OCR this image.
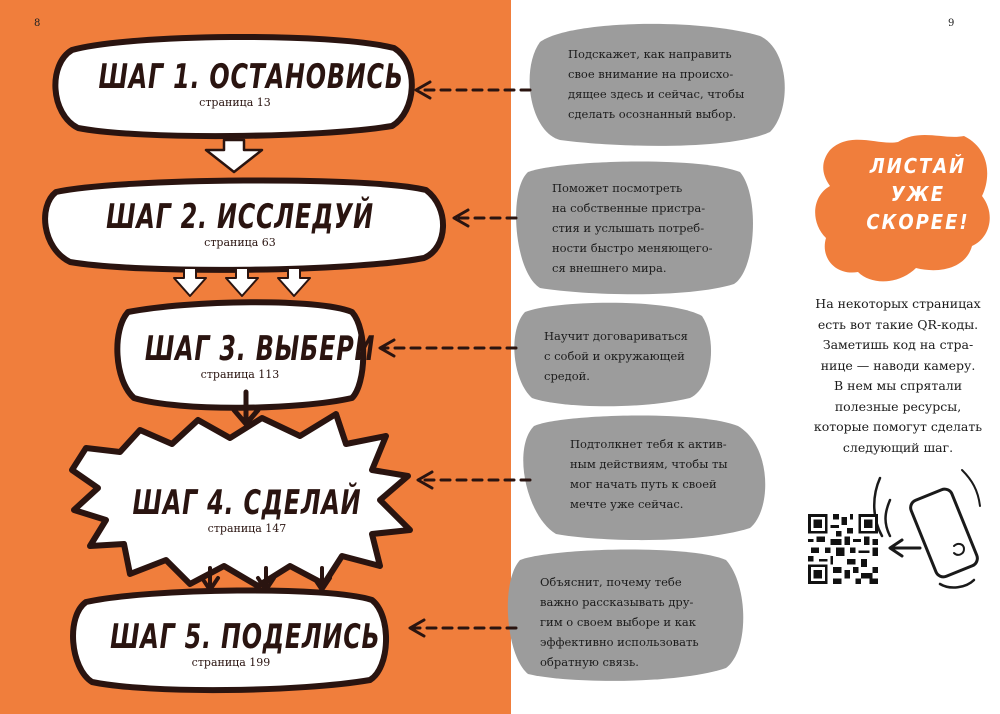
8	9
ШАГ 1. ОСТАНОВИСЬ
страница 13
ШАГ 2. ИССЛЕДУЙ
страница 63
ШАГ 3. ВЫБЕРИ
страница 113
ШАГ 4. СДЕЛАЙ
страница 147
ШАГ 5. ПОДЕЛИСЬ
страница 199
Подскажет, как направить
свое внимание на происхо-
дящее здесь и сейчас, чтобы
сделать осознанный выбор.
Поможет посмотреть
на собственные пристра-
стия и услышать потреб-
ности быстро меняющего-
ся внешнего мира.
Научит договариваться
с собой и окружающей
средой.
Подтолкнет тебя к актив-
ным действиям, чтобы ты
мог начать путь к своей
мечте уже сейчас.
Объяснит, почему тебе
важно рассказывать дру-
гим о своем выборе и как
эффективно использовать
обратную связь.
ЛИСТАЙ
УЖЕ
СКОРЕЕ!
На некоторых страницах
есть вот такие QR-коды.
Заметишь код на стра-
нице — наводи камеру.
В нем мы спрятали
полезные ресурсы,
которые помогут сделать
следующий шаг.
